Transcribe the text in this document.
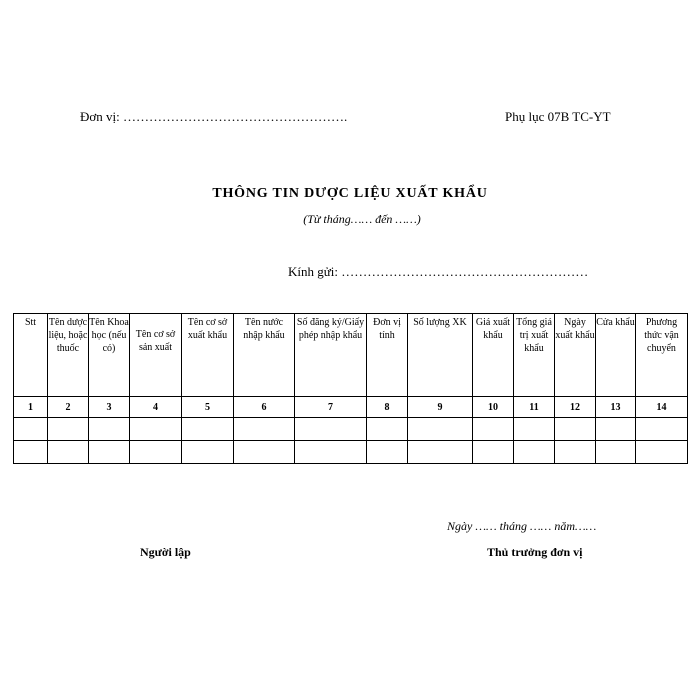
Đơn vị: …………………………………………….	Phụ lục 07B TC-YT
THÔNG TIN DƯỢC LIỆU XUẤT KHẨU
(Từ tháng…… đến ……)
Kính gửi: …………………………………………………
Stt	Tên dược liệu, hoặc thuốc	Tên Khoa học (nếu có)	Tên cơ sở sản xuất	Tên cơ sở xuất khẩu	Tên nước nhập khẩu	Số đăng ký/Giấy phép nhập khẩu	Đơn vị tính	Số lượng XK	Giá xuất khẩu	Tổng giá trị xuất khẩu	Ngày xuất khẩu	Cửa khẩu	Phương thức vận chuyển
1	2	3	4	5	6	7	8	9	10	11	12	13	14

Ngày …… tháng …… năm……
Người lập	Thủ trưởng đơn vị
